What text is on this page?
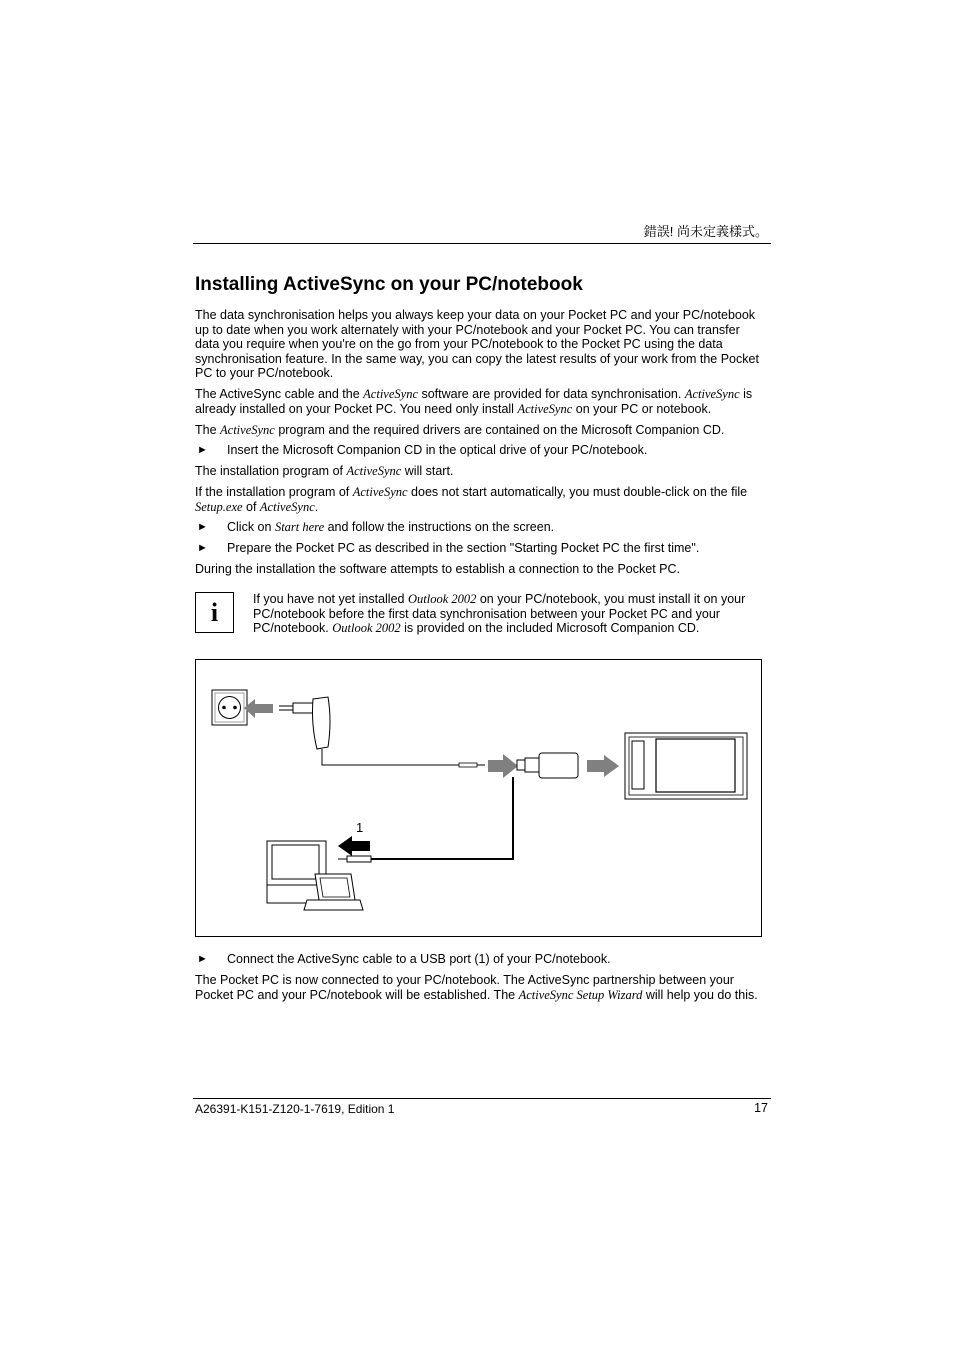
錯誤! 尚未定義樣式。
Installing ActiveSync on your PC/notebook

The data synchronisation helps you always keep your data on your Pocket PC and your PC/notebook up to date when you work alternately with your PC/notebook and your Pocket PC. You can transfer data you require when you're on the go from your PC/notebook to the Pocket PC using the data synchronisation feature. In the same way, you can copy the latest results of your work from the Pocket PC to your PC/notebook.

The ActiveSync cable and the ActiveSync software are provided for data synchronisation. ActiveSync is already installed on your Pocket PC. You need only install ActiveSync on your PC or notebook.

The ActiveSync program and the required drivers are contained on the Microsoft Companion CD.

► Insert the Microsoft Companion CD in the optical drive of your PC/notebook.

The installation program of ActiveSync will start.

If the installation program of ActiveSync does not start automatically, you must double-click on the file Setup.exe of ActiveSync.

► Click on Start here and follow the instructions on the screen.
► Prepare the Pocket PC as described in the section "Starting Pocket PC the first time".

During the installation the software attempts to establish a connection to the Pocket PC.

i	If you have not yet installed Outlook 2002 on your PC/notebook, you must install it on your PC/notebook before the first data synchronisation between your Pocket PC and your PC/notebook. Outlook 2002 is provided on the included Microsoft Companion CD.

1
► Connect the ActiveSync cable to a USB port (1) of your PC/notebook.

The Pocket PC is now connected to your PC/notebook. The ActiveSync partnership between your Pocket PC and your PC/notebook will be established. The ActiveSync Setup Wizard will help you do this.

A26391-K151-Z120-1-7619, Edition 1	17
